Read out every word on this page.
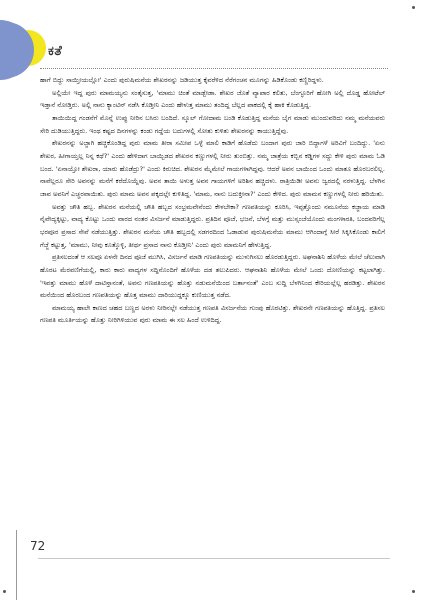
ಕತೆ

ಹಾಗೆ ಬಿದ್ದು ಸಾಯ್ತೀಯಲ್ಲೋ' ಎಂದು ಪುರುಷಿಮನೆಯ ಶೇಖರನನ್ನು ಜಡಿಯುತ್ತ ಕೈವರೆಳಿದ ನೆರೆಗಂಚನ ಮೂಗನ್ನು ಹಿಡಿಕೊಂಡು ಕಣ್ಣಿರಿದ್ದಳು.

ಅಲ್ಲಿಯೇ ಇದ್ದ ಪುರು ಮಾಮಯ್ಯನು ಸಂತೈಸುತ್ತ, 'ಮಾಮು ಚಿಂತೆ ಮಾಡ್ಬೇಡಾ. ಶೇಖರ ಜೊತೆ ವ್ಯಾಪಾರ ಕಲಿತು, ಬೆಂಗ್ಳೂರಿಗೆ ಹೋಗಿ ಅಲ್ಲಿ ದೊಡ್ಡ ಹೋಟೆಲ್ ಇಡ್ತಾನೆ ನೋಡ್ತಿರು. ಅಲ್ಲಿ ನಾನು ಕ್ಯಾಂಟಿನ್ ನಡೆಸಿ ಕೊಡ್ತೀನಿ ಎಂದು ಹೇಳುತ್ತ ಮಾಮು ತಂದಿದ್ದ ಬೆಲ್ಲದ ಪಾಕದಲ್ಲಿ ಕೈ ಹಾಕಿ ಕೊಡುತ್ತಿದ್ದ.

ತಾಯಿಯಿದ್ದ ಗಂಡನೆಗೆ ಮೊನ್ನೆ ಉಪ್ಪು ನೀರಿನ ಬಸಿರು ಬಂದಿದೆ. ಸ್ಕೂಲ್ ಗೋದಾಮ ಬಂಡಿ ಕೊಡುತ್ತಿದ್ದ ಮನೆಯ ಬೈಗ ಮಾಡು ಮುಂದುವರಿದು ನಮ್ಮ ಮನೆಯವರು ಸೇರಿ ದುಡಿಯುತ್ತಿದ್ದರು. ಇಂಥ ಕಷ್ಟದ ದಿನಗಳನ್ನು ಕಂಡು ಗದ್ದೆಯ ಬದುಗಳಲ್ಲಿ ಸೋತು ಕುಳಿತು ಶೇಖರನನ್ನು ಕಾಯುತ್ತಿದ್ದೆವು.

ಶೇಖರನನ್ನು ಅಜ್ಜಾಗಿ ಹಚ್ಚಿಕೊಂಡಿದ್ದ ಪುರು ಮಾಮ ತೀರಾ ಸಮೀಪ ಒಳ್ಳೆ ಮಾಲಿ ಕಾಡಿಗೆ ಹೊಡೆದು ಬಂದಾಗ ಪುರು ಜಾರಿ ಬಿದ್ದಾಗಳೆ ಅರಿವಿಗೆ ಬಂದಿದ್ದು. 'ಏನು ಶೇಖರ, ಹೀಗಾಯ್ತಲ್ಲ ನಿನ್ನ ಕಥೆ?' ಎಂದು ಹೇಳಿದಾಗ ಬಾಯ್ಬಿಡದ ಶೇಖರನ ಕಣ್ಣುಗಳಲ್ಲಿ ನೀರು ತುಂಬಿತ್ತು. ನಮ್ಮ ಜಾತ್ರೆಯ ಕಬ್ಬಿನ ಕಡ್ಡಿಗಳ ಸದ್ದು ಕೇಳಿ ಪುರು ಮಾಮ ಓಡಿ ಬಂದ. 'ಏನಾಯ್ತೋ ಶೇಖರಾ, ಯಾರು ಹೊಡೆದ್ರು?' ಎಂದು ಕಿರುಚಿದ. ಶೇಖರನ ಮೈಮೇಲೆ ಗಾಯಗಳಾಗಿದ್ದವು. ಆದರೆ ಅವನ ಬಾಯಿಂದ ಒಂದು ಮಾತೂ ಹೊರಬರಲಿಲ್ಲ. ನಾವೆಲ್ಲರೂ ಸೇರಿ ಅವನನ್ನು ಮನೆಗೆ ಕರೆದೊಯ್ದೆವು. ಅವನ ತಾಯಿ ಅಳುತ್ತ ಅವನ ಗಾಯಗಳಿಗೆ ಅರಿಶಿನ ಹಚ್ಚಿದಳು. ರಾತ್ರಿಯಿಡೀ ಅವನು ಜ್ವರದಲ್ಲಿ ನರಳುತ್ತಿದ್ದ. ಬೆಳಗಿನ ಜಾವ ಅವನಿಗೆ ಎಚ್ಚರವಾಯಿತು. ಪುರು ಮಾಮ ಅವನ ಪಕ್ಕದಲ್ಲೇ ಕುಳಿತಿದ್ದ. 'ಮಾಮ, ನಾನು ಬದುಕ್ತೀನಾ?' ಎಂದು ಕೇಳಿದ. ಪುರು ಮಾಮನ ಕಣ್ಣುಗಳಲ್ಲಿ ನೀರು ಹರಿಯಿತು.

ಅವತ್ತು ಚೌತಿ ಹಬ್ಬ. ಶೇಖರನ ಮನೆಯಲ್ಲಿ ಚೌತಿ ಹಬ್ಬದ ಸಂಭ್ರಮವೇನೆಂದು ಕೇಳಬೇಕಾ? ಗಣಪತಿಯನ್ನು ಕೂರಿಸಿ, ಇಪ್ಪತ್ತೊಂದು ನಮೂನೆಯ ಕಜ್ಜಾಯ ಮಾಡಿ ನೈವೇದ್ಯಕ್ಕಿಟ್ಟು, ವಾದ್ಯ ಕೊಟ್ಟು ಒಂದು ವಾರದ ನಂತರ ವಿಸರ್ಜನೆ ಮಾಡುತ್ತಿದ್ದರು. ಪ್ರತಿದಿನ ಪೂಜೆ, ಭಜನೆ, ಬೆಳಗ್ಗೆ ಮತ್ತು ಮುಸ್ಸಂಜೆಯೊಂದು ಮಂಗಳಾರತಿ, ಬಂದವರಿಗೆಲ್ಲ ಭರಪೂರ ಪ್ರಸಾದ ಸೇವೆ ನಡೆಯುತ್ತಿತ್ತು. ಶೇಖರನ ಮನೆಯ ಚೌತಿ ಹಬ್ಬದಲ್ಲಿ ಸಡಗರದಿಂದ ಓಡಾಡುವ ಪುರುಷಿಮನೆಯ ಮಾಮು ಆಗಿಂದಾಗ್ಗೆ ಸೀರೆ ಸಿಕ್ಕಿಸಿಕೊಂಡು ಕಾಲಿಗೆ ಗೆಜ್ಜೆ ಕಟ್ಟುತ್ತ, 'ಮಾಮು, ನೀವು ಕೂತ್ಕೊಳ್ಳಿ, ತೀರ್ಥ ಪ್ರಸಾದ ನಾನು ಕೊಡ್ತೀನಿ' ಎಂದು ಪುರು ಮಾಮನಿಗೆ ಹೇಳುತ್ತಿದ್ದ.

ಪ್ರತಿಸಲದಂತೆ ಆ ಸಲವೂ ಏಳನೇ ದಿನದ ಪೂಜೆ ಮುಗಿಸಿ, ವಿಸರ್ಜನೆ ಮಾಡಿ ಗಣಪತಿಯನ್ನು ಮುಳುಗಿಸಲು ಹೊರಡುತ್ತಿದ್ದರು. ಅಘನಾಶಿನಿ ಹೊಳೆಯ ಮೇಲೆ ಚೆಲುವಾಗಿ ಹೊರಟ ಮೆರವಣಿಗೆಯಲ್ಲಿ, ಕಾರು ಕಾರು ವಾದ್ಯಗಳ ಸದ್ದಿನೊಂದಿಗೆ ಹೊಳೆಯ ದಡ ತಲುಪಿದರು. ಆಘನಾಶಿನಿ ಹೊಳೆಯ ಮೇಲೆ ಒಂದು ದೋಣಿಯನ್ನು ಕಟ್ಟಲಾಗಿತ್ತು. 'ಇವತ್ತು ಮಾಮು ಹೊಳೆ ದಾಟಿಸ್ತಾನಂತೆ, ಅವನು ಗಣಪತಿಯನ್ನು ಹೊತ್ತು ನಡುಮನೆಯಿಂದ ಬರ್ತಾನಂತೆ' ಎಂಬ ಸುದ್ದಿ ಬೆಳಗಿನಿಂದ ಕೇರಿಯಲ್ಲೆಲ್ಲ ಹರಡಿತ್ತು. ಶೇಖರನ ಮನೆಯಿಂದ ಹೊರಬಂದ ಗಣಪತಿಯನ್ನು ಹೊತ್ತ ಮಾಮು ದಾರಿಯುದ್ದಕ್ಕೂ ಕುಣಿಯುತ್ತ ನಡೆದ.

ಮಾಮಯ್ಯ ಹಾಲೇ ಕಾಣದ ಚಹದ ಬಣ್ಣದ ಅರಳು ನೀರಿನಲ್ಲೇ ನಡೆಯುತ್ತ ಗಣಪತಿ ವಿಸರ್ಜನೆಯ ಗುಂಪು ಹೊರಟಿತ್ತು. ಶೇಖರನೇ ಗಣಪತಿಯನ್ನು ಹೊತ್ತಿದ್ದ. ಪ್ರತಿಸಲ ಗಣಪತಿ ಮೂರ್ತಿಯನ್ನು ಹೊತ್ತು ನೀರಿಗಿಳಿಯುವ ಪುರು ಮಾಮ ಈ ಸಲ ಹಿಂದೆ ಉಳಿದಿದ್ದ.

72
